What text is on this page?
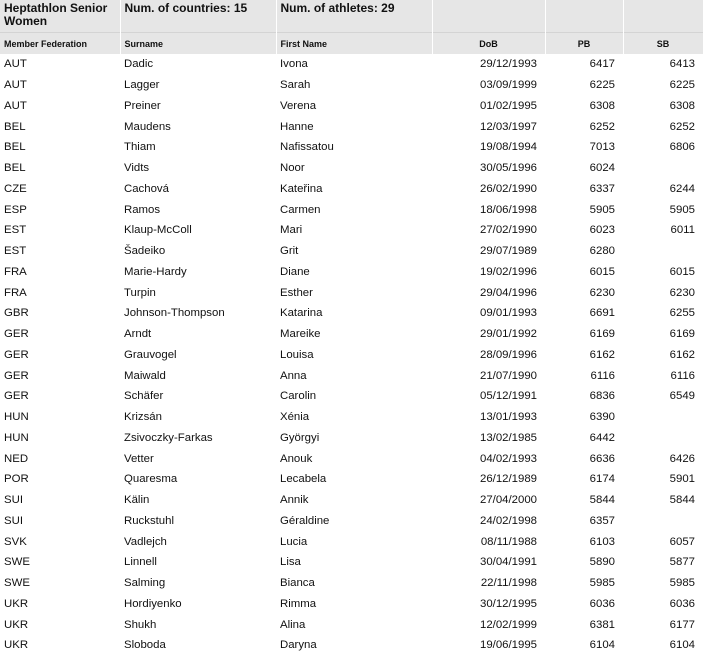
Heptathlon Senior Women	Num. of countries: 15	Num. of athletes: 29			
Member Federation	Surname	First Name	DoB	PB	SB
AUT	Dadic	Ivona	29/12/1993	6417	6413
AUT	Lagger	Sarah	03/09/1999	6225	6225
AUT	Preiner	Verena	01/02/1995	6308	6308
BEL	Maudens	Hanne	12/03/1997	6252	6252
BEL	Thiam	Nafissatou	19/08/1994	7013	6806
BEL	Vidts	Noor	30/05/1996	6024	
CZE	Cachová	Kateřina	26/02/1990	6337	6244
ESP	Ramos	Carmen	18/06/1998	5905	5905
EST	Klaup-McColl	Mari	27/02/1990	6023	6011
EST	Šadeiko	Grit	29/07/1989	6280	
FRA	Marie-Hardy	Diane	19/02/1996	6015	6015
FRA	Turpin	Esther	29/04/1996	6230	6230
GBR	Johnson-Thompson	Katarina	09/01/1993	6691	6255
GER	Arndt	Mareike	29/01/1992	6169	6169
GER	Grauvogel	Louisa	28/09/1996	6162	6162
GER	Maiwald	Anna	21/07/1990	6116	6116
GER	Schäfer	Carolin	05/12/1991	6836	6549
HUN	Krizsán	Xénia	13/01/1993	6390	
HUN	Zsivoczky-Farkas	Györgyi	13/02/1985	6442	
NED	Vetter	Anouk	04/02/1993	6636	6426
POR	Quaresma	Lecabela	26/12/1989	6174	5901
SUI	Kälin	Annik	27/04/2000	5844	5844
SUI	Ruckstuhl	Géraldine	24/02/1998	6357	
SVK	Vadlejch	Lucia	08/11/1988	6103	6057
SWE	Linnell	Lisa	30/04/1991	5890	5877
SWE	Salming	Bianca	22/11/1998	5985	5985
UKR	Hordiyenko	Rimma	30/12/1995	6036	6036
UKR	Shukh	Alina	12/02/1999	6381	6177
UKR	Sloboda	Daryna	19/06/1995	6104	6104
